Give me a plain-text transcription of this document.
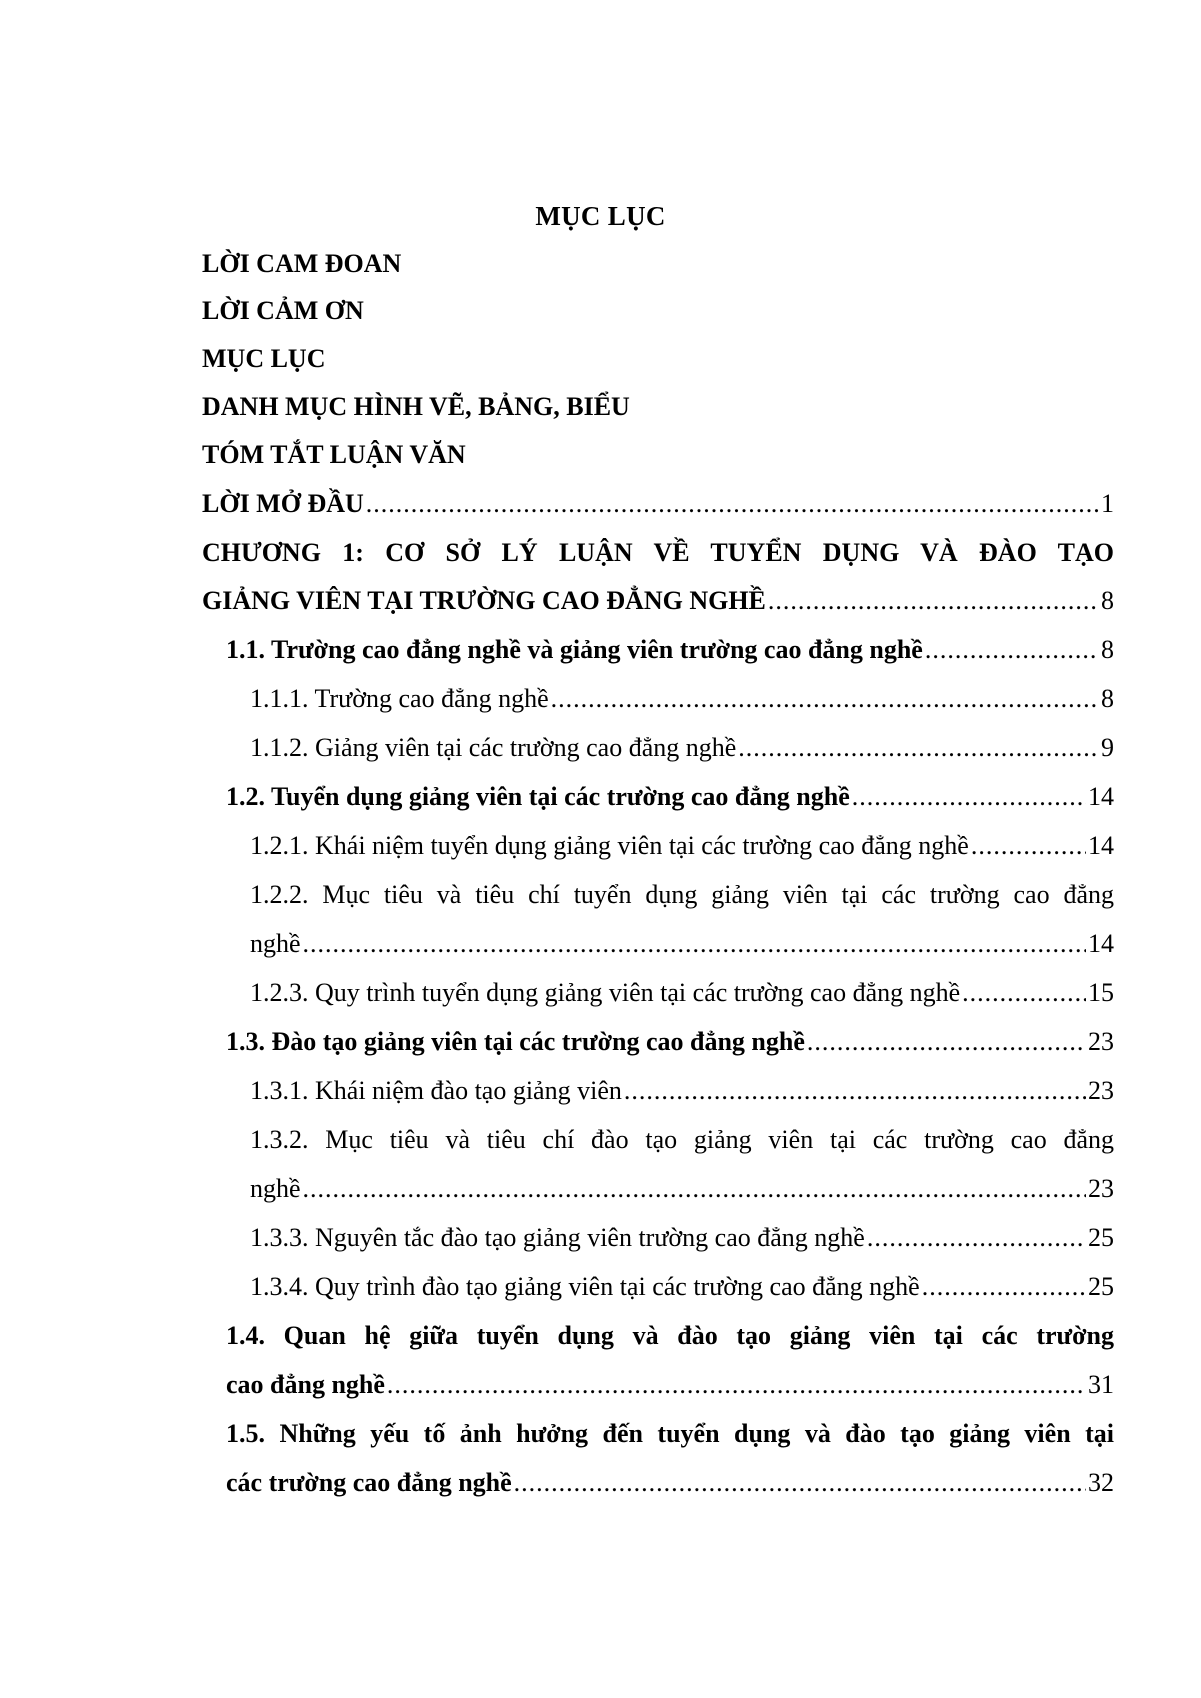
MỤC LỤC
LỜI CAM ĐOAN
LỜI CẢM ƠN
MỤC LỤC
DANH MỤC HÌNH VẼ, BẢNG, BIỂU
TÓM TẮT LUẬN VĂN
LỜI MỞ ĐẦU .....	1
CHƯƠNG 1: CƠ SỞ LÝ LUẬN VỀ TUYỂN DỤNG VÀ ĐÀO TẠO
GIẢNG VIÊN TẠI TRƯỜNG CAO ĐẲNG NGHỀ .....	8
1.1. Trường cao đẳng nghề và giảng viên trường cao đẳng nghề .....	8
1.1.1. Trường cao đẳng nghề .....	8
1.1.2. Giảng viên tại các trường cao đẳng nghề .....	9
1.2. Tuyển dụng giảng viên tại các trường cao đẳng nghề .....	14
1.2.1. Khái niệm tuyển dụng giảng viên tại các trường cao đẳng nghề .....	14
1.2.2. Mục tiêu và tiêu chí tuyển dụng giảng viên tại các trường cao đẳng
nghề .....	14
1.2.3. Quy trình tuyển dụng giảng viên tại các trường cao đẳng nghề .....	15
1.3. Đào tạo giảng viên tại các trường cao đẳng nghề .....	23
1.3.1. Khái niệm đào tạo giảng viên .....	23
1.3.2. Mục tiêu và tiêu chí đào tạo giảng viên tại các trường cao đẳng
nghề .....	23
1.3.3. Nguyên tắc đào tạo giảng viên trường cao đẳng nghề .....	25
1.3.4. Quy trình đào tạo giảng viên tại các trường cao đẳng nghề .....	25
1.4. Quan hệ giữa tuyển dụng và đào tạo giảng viên tại các trường
cao đẳng nghề .....	31
1.5. Những yếu tố ảnh hưởng đến tuyển dụng và đào tạo giảng viên tại
các trường cao đẳng nghề .....	32
